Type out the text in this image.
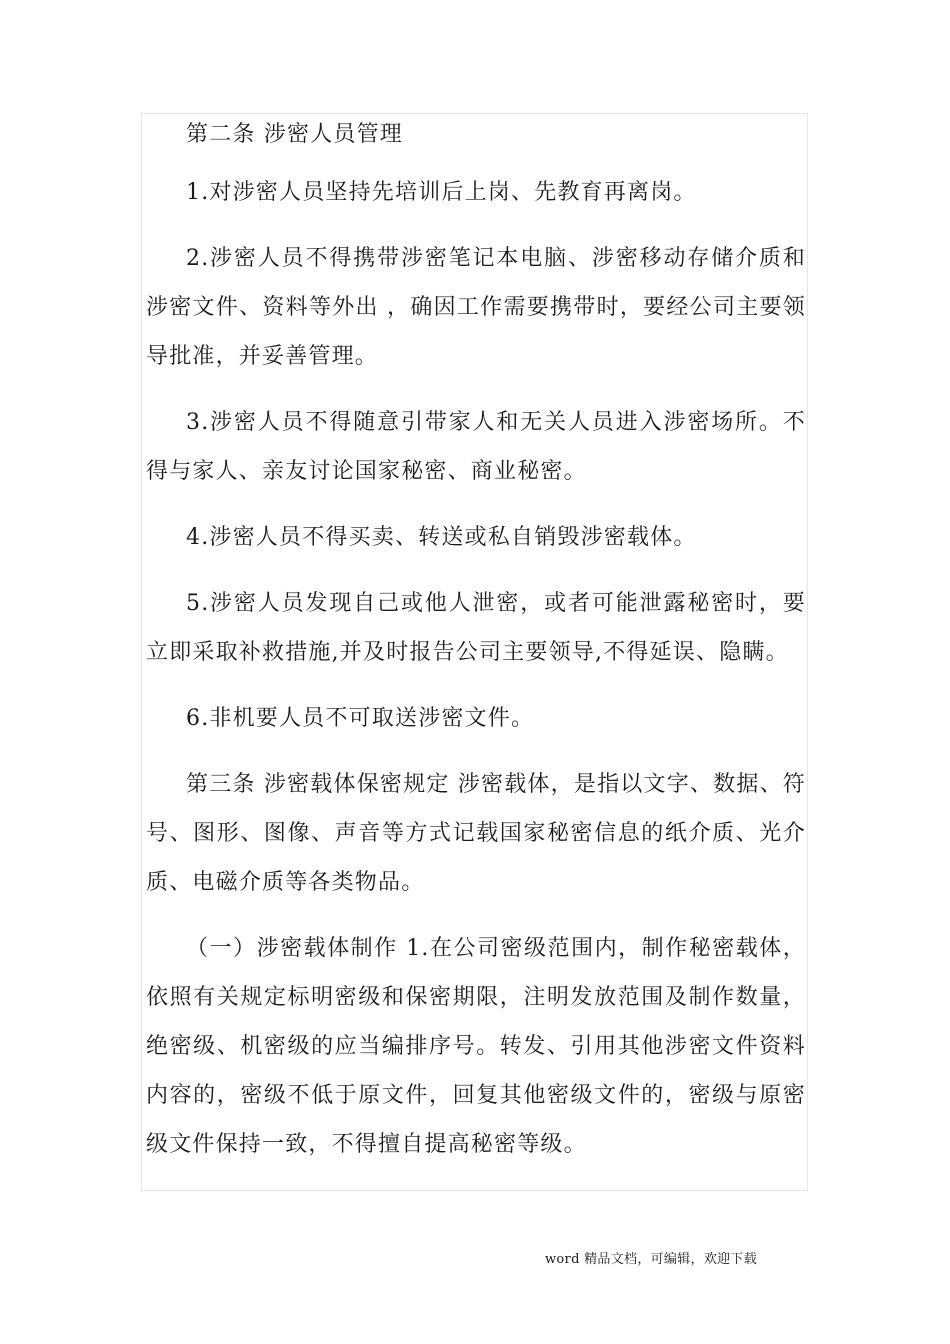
第二条 涉密人员管理

1.对涉密人员坚持先培训后上岗、先教育再离岗。

2.涉密人员不得携带涉密笔记本电脑、涉密移动存储介质和涉密文件、资料等外出 ，确因工作需要携带时，要经公司主要领导批准，并妥善管理。

3.涉密人员不得随意引带家人和无关人员进入涉密场所。不得与家人、亲友讨论国家秘密、商业秘密。

4.涉密人员不得买卖、转送或私自销毁涉密载体。

5.涉密人员发现自己或他人泄密，或者可能泄露秘密时，要立即采取补救措施,并及时报告公司主要领导,不得延误、隐瞒。

6.非机要人员不可取送涉密文件。

第三条 涉密载体保密规定 涉密载体，是指以文字、数据、符号、图形、图像、声音等方式记载国家秘密信息的纸介质、光介质、电磁介质等各类物品。

（一）涉密载体制作 1.在公司密级范围内，制作秘密载体，依照有关规定标明密级和保密期限，注明发放范围及制作数量，绝密级、机密级的应当编排序号。转发、引用其他涉密文件资料内容的，密级不低于原文件，回复其他密级文件的，密级与原密级文件保持一致，不得擅自提高秘密等级。

word 精品文档，可编辑，欢迎下载
